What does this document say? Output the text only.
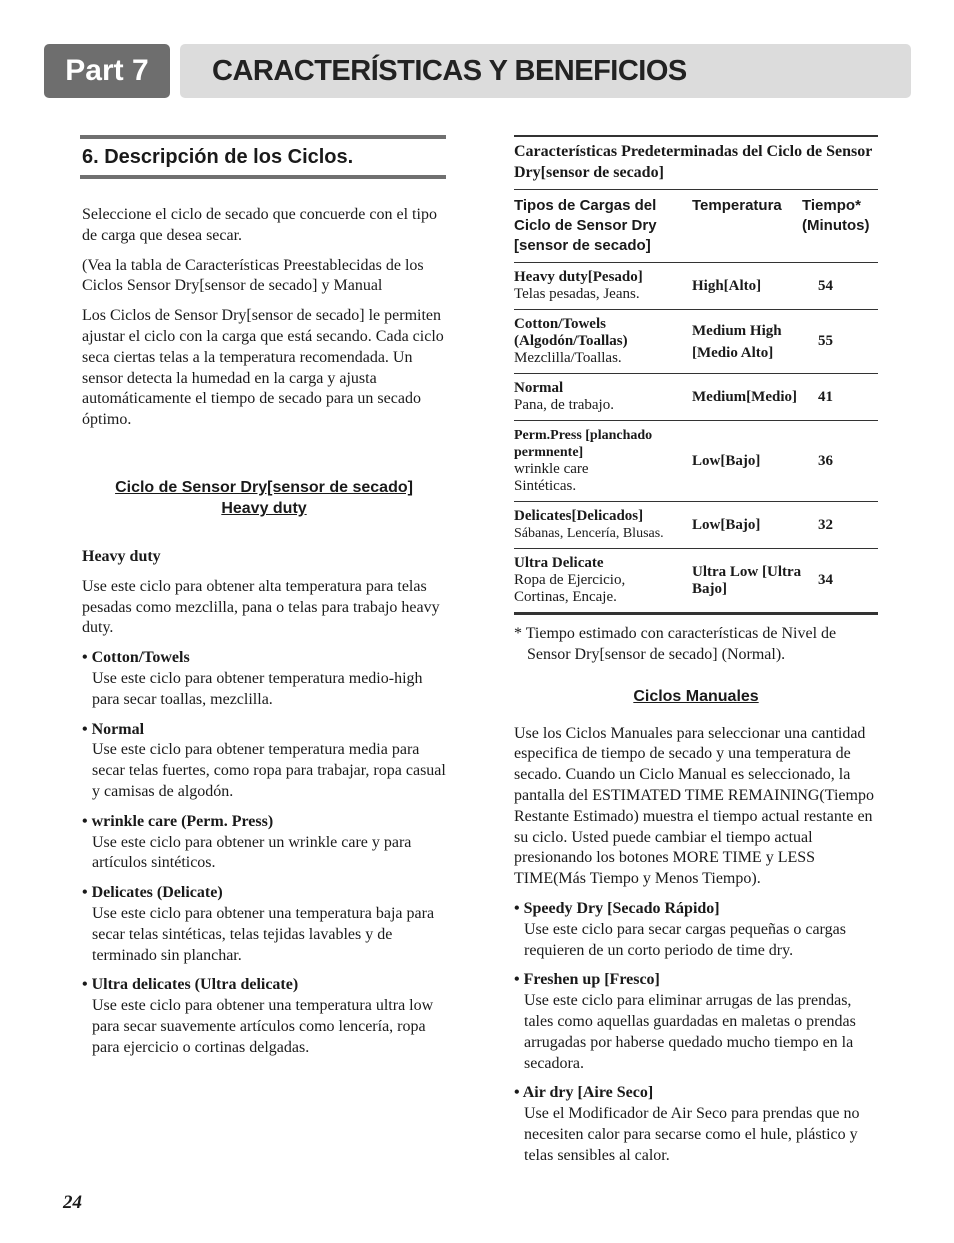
Part 7	CARACTERÍSTICAS Y BENEFICIOS
6. Descripción de los Ciclos.

Seleccione el ciclo de secado que concuerde con el tipo de carga que desea secar.

(Vea la tabla de Características Preestablecidas de los Ciclos Sensor Dry[sensor de secado] y Manual

Los Ciclos de Sensor Dry[sensor de secado] le permiten ajustar el ciclo con la carga que está secando. Cada ciclo seca ciertas telas a la temperatura recomendada. Un sensor detecta la humedad en la carga y ajusta automáticamente el tiempo de secado para un secado óptimo.

Ciclo de Sensor Dry[sensor de secado]
Heavy duty

Heavy duty

Use este ciclo para obtener alta temperatura para telas pesadas como mezclilla, pana o telas para trabajo heavy duty.

• Cotton/Towels
Use este ciclo para obtener temperatura medio-high para secar toallas, mezclilla.
• Normal
Use este ciclo para obtener temperatura media para secar telas fuertes, como ropa para trabajar, ropa casual y camisas de algodón.
• wrinkle care (Perm. Press)
Use este ciclo para obtener un wrinkle care y para artículos sintéticos.
• Delicates (Delicate)
Use este ciclo para obtener una temperatura baja para secar telas sintéticas, telas tejidas lavables y de terminado sin planchar.
• Ultra delicates (Ultra delicate)
Use este ciclo para obtener una temperatura ultra low para secar suavemente artículos como lencería, ropa para ejercicio o cortinas delgadas.
Características Predeterminadas del Ciclo de Sensor Dry[sensor de secado]
Tipos de Cargas del Ciclo de Sensor Dry [sensor de secado]	Temperatura	Tiempo* (Minutos)

Heavy duty[Pesado]
Telas pesadas, Jeans.	High[Alto]	54

Cotton/Towels (Algodón/Toallas)
Mezclilla/Toallas.	Medium High [Medio Alto]	55

Normal
Pana, de trabajo.	Medium[Medio]	41

Perm.Press [planchado permnente]
wrinkle care Sintéticas.	Low[Bajo]	36

Delicates[Delicados]
Sábanas, Lencería, Blusas.	Low[Bajo]	32

Ultra Delicate
Ropa de Ejercicio, Cortinas, Encaje.	Ultra Low [Ultra Bajo]	34

* Tiempo estimado con características de Nivel de Sensor Dry[sensor de secado] (Normal).

Ciclos Manuales

Use los Ciclos Manuales para seleccionar una cantidad especifica de tiempo de secado y una temperatura de secado. Cuando un Ciclo Manual es seleccionado, la pantalla del ESTIMATED TIME REMAINING(Tiempo Restante Estimado) muestra el tiempo actual restante en su ciclo. Usted puede cambiar el tiempo actual presionando los botones MORE TIME y LESS TIME(Más Tiempo y Menos Tiempo).

• Speedy Dry [Secado Rápido]
Use este ciclo para secar cargas pequeñas o cargas requieren de un corto periodo de time dry.
• Freshen up [Fresco]
Use este ciclo para eliminar arrugas de las prendas, tales como aquellas guardadas en maletas o prendas arrugadas por haberse quedado mucho tiempo en la secadora.
• Air dry [Aire Seco]
Use el Modificador de Air Seco para prendas que no necesiten calor para secarse como el hule, plástico y telas sensibles al calor.
24
